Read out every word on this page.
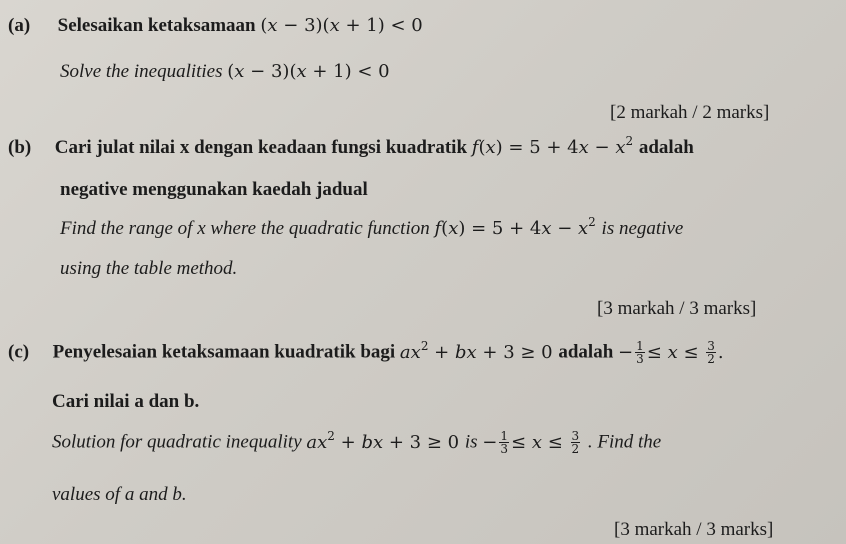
(a) Selesaikan ketaksamaan (x − 3)(x + 1) < 0
Solve the inequalities (x − 3)(x + 1) < 0
[2 markah / 2 marks]
(b) Cari julat nilai x dengan keadaan fungsi kuadratik $f(x) = 5 + 4x - x^2$ adalah
negative menggunakan kaedah jadual
Find the range of x where the quadratic function $f(x) = 5 + 4x - x^2$ is negative
using the table method.
[3 markah / 3 marks]
(c) Penyelesaian ketaksamaan kuadratik bagi $ax^2$ + bx + 3 ≥ 0 adalah − $\frac{1}{3} \le x \le \frac{3}{2}$ .
Cari nilai a dan b.
Solution for quadratic inequality $ax^2$ + bx + 3 ≥ 0 is − $\frac{1}{3} \le x \le \frac{3}{2}$ . Find the
values of a and b.
[3 markah / 3 marks]
